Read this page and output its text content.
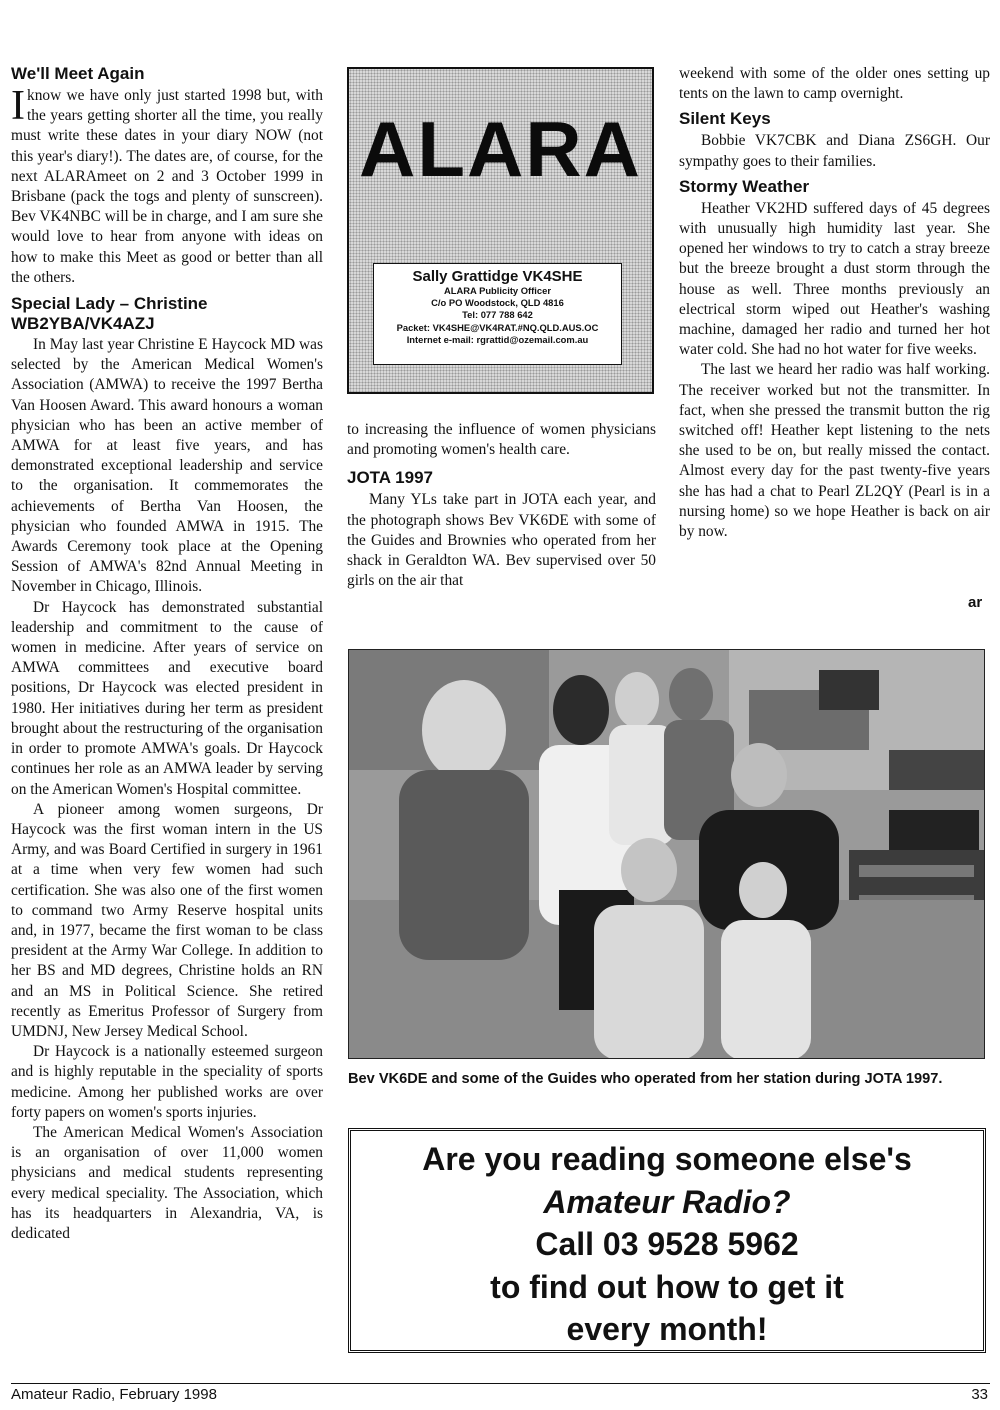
We'll Meet Again

Iknow we have only just started 1998 but, with the years getting shorter all the time, you really must write these dates in your diary NOW (not this year's diary!). The dates are, of course, for the next ALARAmeet on 2 and 3 October 1999 in Brisbane (pack the togs and plenty of sunscreen). Bev VK4NBC will be in charge, and I am sure she would love to hear from anyone with ideas on how to make this Meet as good or better than all the others.

Special Lady – Christine
WB2YBA/VK4AZJ

In May last year Christine E Haycock MD was selected by the American Medical Women's Association (AMWA) to receive the 1997 Bertha Van Hoosen Award. This award honours a woman physician who has been an active member of AMWA for at least five years, and has demonstrated exceptional leadership and service to the organisation. It commemorates the achievements of Bertha Van Hoosen, the physician who founded AMWA in 1915. The Awards Ceremony took place at the Opening Session of AMWA's 82nd Annual Meeting in November in Chicago, Illinois.

Dr Haycock has demonstrated substantial leadership and commitment to the cause of women in medicine. After years of service on AMWA committees and executive board positions, Dr Haycock was elected president in 1980. Her initiatives during her term as president brought about the restructuring of the organisation in order to promote AMWA's goals. Dr Haycock continues her role as an AMWA leader by serving on the American Women's Hospital committee.

A pioneer among women surgeons, Dr Haycock was the first woman intern in the US Army, and was Board Certified in surgery in 1961 at a time when very few women had such certification. She was also one of the first women to command two Army Reserve hospital units and, in 1977, became the first woman to be class president at the Army War College. In addition to her BS and MD degrees, Christine holds an RN and an MS in Political Science. She retired recently as Emeritus Professor of Surgery from UMDNJ, New Jersey Medical School.

Dr Haycock is a nationally esteemed surgeon and is highly reputable in the speciality of sports medicine. Among her published works are over forty papers on women's sports injuries.

The American Medical Women's Association is an organisation of over 11,000 women physicians and medical students representing every medical speciality. The Association, which has its headquarters in Alexandria, VA, is dedicated

ALARA
Sally Grattidge VK4SHE
ALARA Publicity Officer
C/o PO Woodstock, QLD 4816
Tel: 077 788 642
Packet: VK4SHE@VK4RAT.#NQ.QLD.AUS.OC
Internet e-mail: rgrattid@ozemail.com.au

to increasing the influence of women physicians and promoting women's health care.

JOTA 1997

Many YLs take part in JOTA each year, and the photograph shows Bev VK6DE with some of the Guides and Brownies who operated from her shack in Geraldton WA. Bev supervised over 50 girls on the air that

weekend with some of the older ones setting up tents on the lawn to camp overnight.

Silent Keys

Bobbie VK7CBK and Diana ZS6GH. Our sympathy goes to their families.

Stormy Weather

Heather VK2HD suffered days of 45 degrees with unusually high humidity last year. She opened her windows to try to catch a stray breeze but the breeze brought a dust storm through the house as well. Three months previously an electrical storm wiped out Heather's washing machine, damaged her radio and turned her hot water cold. She had no hot water for five weeks.

The last we heard her radio was half working. The receiver worked but not the transmitter. In fact, when she pressed the transmit button the rig switched off! Heather kept listening to the nets she used to be on, but really missed the contact. Almost every day for the past twenty-five years she has had a chat to Pearl ZL2QY (Pearl is in a nursing home) so we hope Heather is back on air by now.

ar
Bev VK6DE and some of the Guides who operated from her station during JOTA 1997.
Are you reading someone else's
Amateur Radio?
Call 03 9528 5962
to find out how to get it
every month!
Amateur Radio, February 1998	33
